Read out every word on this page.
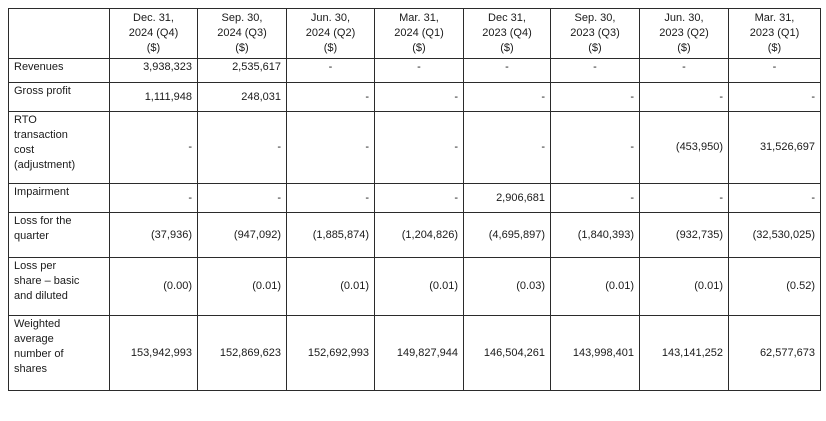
	Dec. 31,
2024 (Q4)
($)	Sep. 30,
2024 (Q3)
($)	Jun. 30,
2024 (Q2)
($)	Mar. 31,
2024 (Q1)
($)	Dec 31,
2023 (Q4)
($)	Sep. 30,
2023 (Q3)
($)	Jun. 30,
2023 (Q2)
($)	Mar. 31,
2023 (Q1)
($)

Revenues	3,938,323	2,535,617	-	-	-	-	-	-
Gross profit	1,111,948	248,031	-	-	-	-	-	-
RTO
transaction
cost
(adjustment)	-	-	-	-	-	-	(453,950)	31,526,697
Impairment	-	-	-	-	2,906,681	-	-	-
Loss for the
quarter	(37,936)	(947,092)	(1,885,874)	(1,204,826)	(4,695,897)	(1,840,393)	(932,735)	(32,530,025)
Loss per
share – basic
and diluted	(0.00)	(0.01)	(0.01)	(0.01)	(0.03)	(0.01)	(0.01)	(0.52)
Weighted
average
number of
shares	153,942,993	152,869,623	152,692,993	149,827,944	146,504,261	143,998,401	143,141,252	62,577,673
